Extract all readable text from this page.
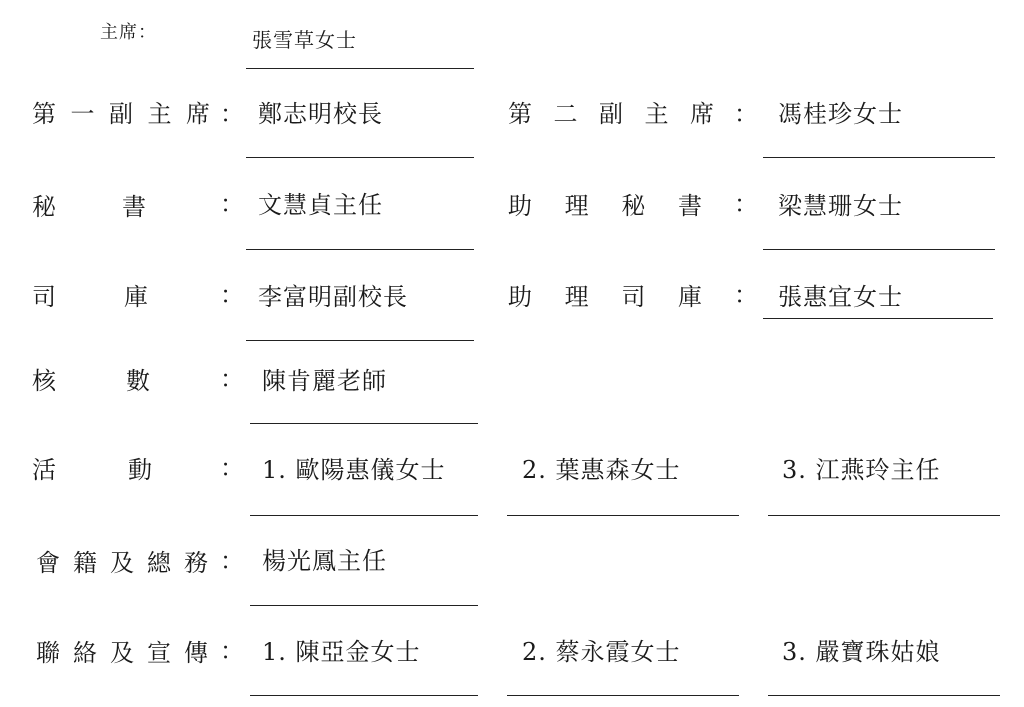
主席：	張雪草女士
第 一 副 主 席 ： 鄭志明校長	第 二 副 主 席 ： 馮桂珍女士
秘	書	： 文慧貞主任	助 理 秘 書 ： 梁慧珊女士
司	庫	： 李富明副校長	助 理 司 庫 ： 張惠宜女士
核	數	： 陳肯麗老師
活	動	： 1. 歐陽惠儀女士	2. 葉惠森女士	3. 江燕玲主任
會 籍 及 總 務 ： 楊光鳳主任
聯 絡 及 宣 傳 ： 1. 陳亞金女士	2. 蔡永霞女士	3. 嚴寶珠姑娘
